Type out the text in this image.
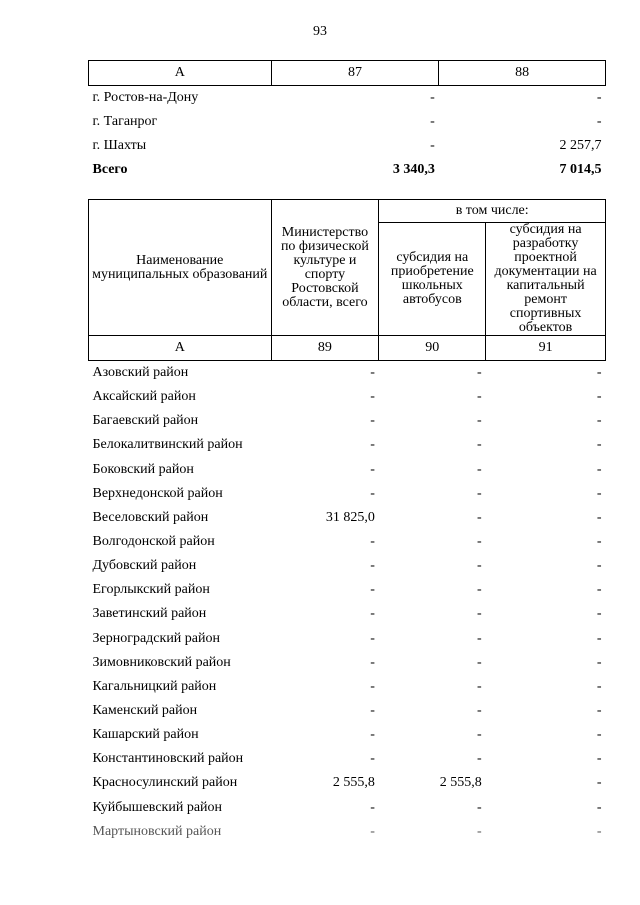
93
А	87	88
г. Ростов-на-Дону	-	-
г. Таганрог	-	-
г. Шахты	-	2 257,7
Всего	3 340,3	7 014,5
Наименование муниципальных образований	Министерство по физической культуре и спорту Ростовской области, всего	в том числе:	
		субсидия на приобретение школьных автобусов	субсидия на разработку проектной документации на капитальный ремонт спортивных объектов
А	89	90	91
Азовский район	-	-	-
Аксайский район	-	-	-
Багаевский район	-	-	-
Белокалитвинский район	-	-	-
Боковский район	-	-	-
Верхнедонской район	-	-	-
Веселовский район	31 825,0	-	-
Волгодонской район	-	-	-
Дубовский район	-	-	-
Егорлыкский район	-	-	-
Заветинский район	-	-	-
Зерноградский район	-	-	-
Зимовниковский район	-	-	-
Кагальницкий район	-	-	-
Каменский район	-	-	-
Кашарский район	-	-	-
Константиновский район	-	-	-
Красносулинский район	2 555,8	2 555,8	-
Куйбышевский район	-	-	-
Мартыновский район	-	-	-
